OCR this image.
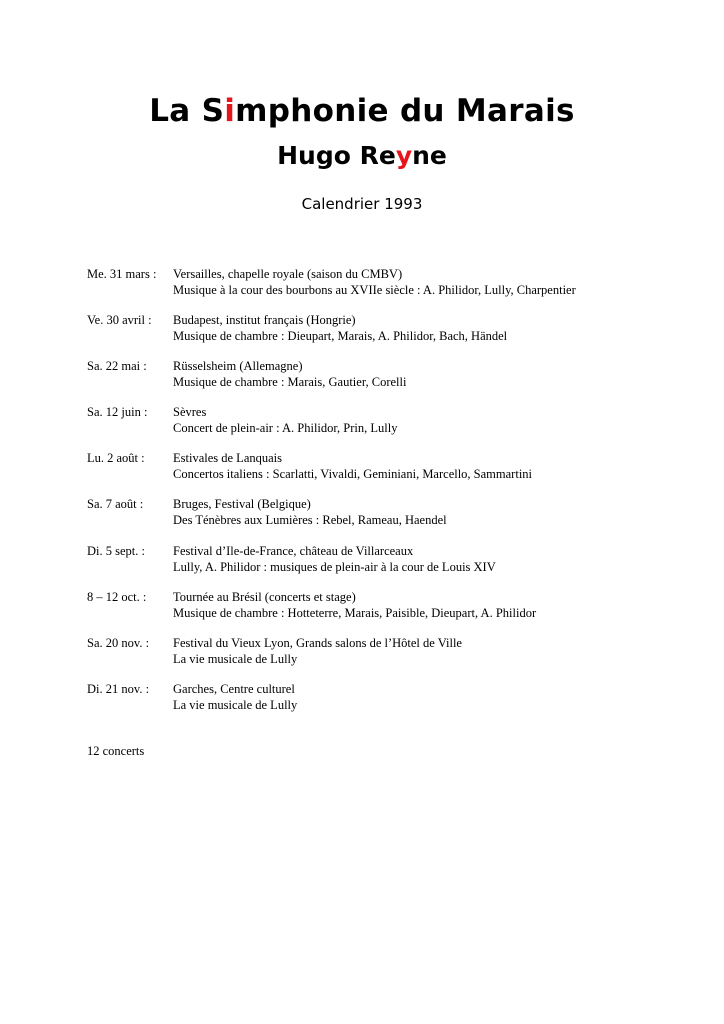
La Simphonie du Marais
Hugo Reyne
Calendrier 1993
Me. 31 mars :	Versailles, chapelle royale (saison du CMBV)
Musique à la cour des bourbons au XVIIe siècle : A. Philidor, Lully, Charpentier
Ve. 30 avril :	Budapest, institut français (Hongrie)
Musique de chambre : Dieupart, Marais, A. Philidor, Bach, Händel
Sa. 22 mai :	Rüsselsheim (Allemagne)
Musique de chambre : Marais, Gautier, Corelli
Sa. 12 juin :	Sèvres
Concert de plein-air : A. Philidor, Prin, Lully
Lu. 2 août :	Estivales de Lanquais
Concertos italiens : Scarlatti, Vivaldi, Geminiani, Marcello, Sammartini
Sa. 7 août :	Bruges, Festival (Belgique)
Des Ténèbres aux Lumières : Rebel, Rameau, Haendel
Di. 5 sept. :	Festival d’Ile-de-France, château de Villarceaux
Lully, A. Philidor : musiques de plein-air à la cour de Louis XIV
8 – 12 oct. :	Tournée au Brésil (concerts et stage)
Musique de chambre : Hotteterre, Marais, Paisible, Dieupart, A. Philidor
Sa. 20 nov. :	Festival du Vieux Lyon, Grands salons de l’Hôtel de Ville
La vie musicale de Lully
Di. 21 nov. :	Garches, Centre culturel
La vie musicale de Lully
12 concerts
